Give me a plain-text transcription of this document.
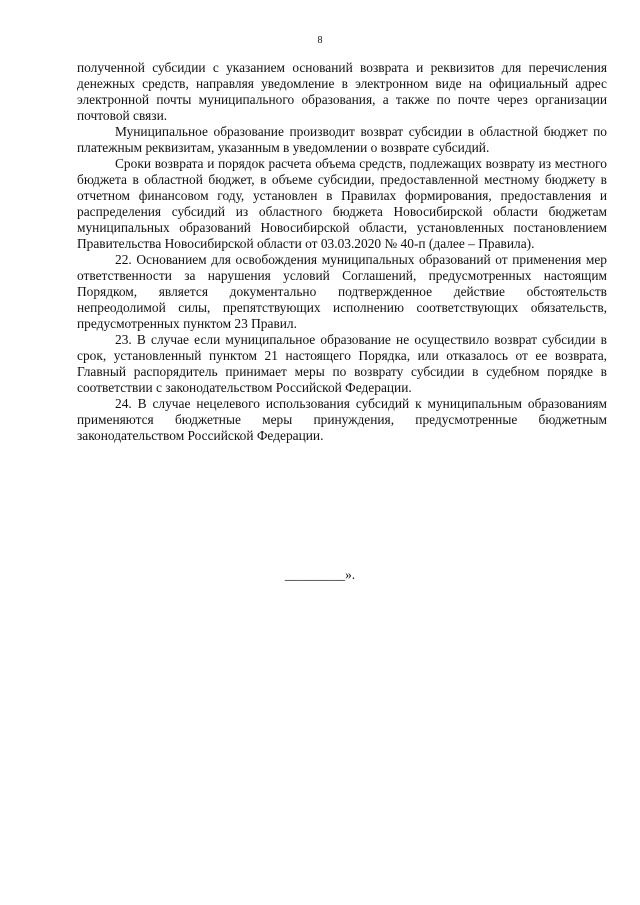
8

полученной субсидии с указанием оснований возврата и реквизитов для перечисления денежных средств, направляя уведомление в электронном виде на официальный адрес электронной почты муниципального образования, а также по почте через организации почтовой связи.

Муниципальное образование производит возврат субсидии в областной бюджет по платежным реквизитам, указанным в уведомлении о возврате субсидий.

Сроки возврата и порядок расчета объема средств, подлежащих возврату из местного бюджета в областной бюджет, в объеме субсидии, предоставленной местному бюджету в отчетном финансовом году, установлен в Правилах формирования, предоставления и распределения субсидий из областного бюджета Новосибирской области бюджетам муниципальных образований Новосибирской области, установленных постановлением Правительства Новосибирской области от 03.03.2020 № 40-п (далее – Правила).

22. Основанием для освобождения муниципальных образований от применения мер ответственности за нарушения условий Соглашений, предусмотренных настоящим Порядком, является документально подтвержденное действие обстоятельств непреодолимой силы, препятствующих исполнению соответствующих обязательств, предусмотренных пунктом 23 Правил.

23. В случае если муниципальное образование не осуществило возврат субсидии в срок, установленный пунктом 21 настоящего Порядка, или отказалось от ее возврата, Главный распорядитель принимает меры по возврату субсидии в судебном порядке в соответствии с законодательством Российской Федерации.

24. В случае нецелевого использования субсидий к муниципальным образованиям применяются бюджетные меры принуждения, предусмотренные бюджетным законодательством Российской Федерации.

_________».
